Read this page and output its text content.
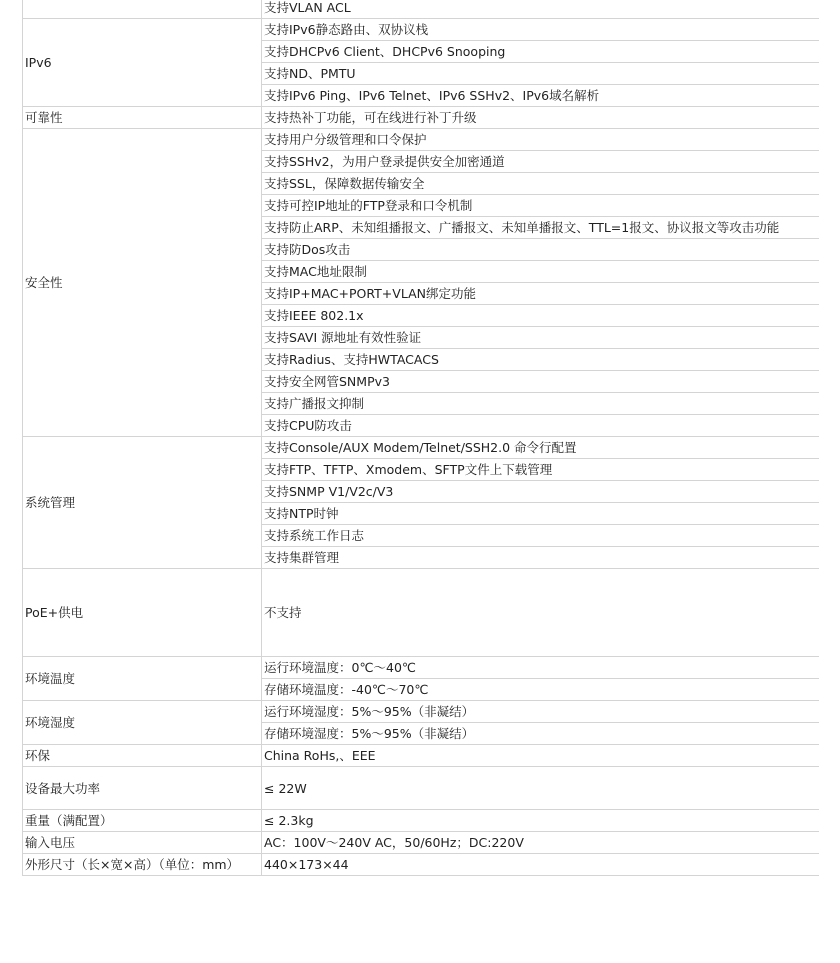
	支持VLAN ACL
IPv6	支持IPv6静态路由、双协议栈
	支持DHCPv6 Client、DHCPv6 Snooping
	支持ND、PMTU
	支持IPv6 Ping、IPv6 Telnet、IPv6 SSHv2、IPv6域名解析
可靠性	支持热补丁功能，可在线进行补丁升级
安全性	支持用户分级管理和口令保护
	支持SSHv2，为用户登录提供安全加密通道
	支持SSL，保障数据传输安全
	支持可控IP地址的FTP登录和口令机制
	支持防止ARP、未知组播报文、广播报文、未知单播报文、TTL=1报文、协议报文等攻击功能
	支持防Dos攻击
	支持MAC地址限制
	支持IP+MAC+PORT+VLAN绑定功能
	支持IEEE 802.1x
	支持SAVI 源地址有效性验证
	支持Radius、支持HWTACACS
	支持安全网管SNMPv3
	支持广播报文抑制
	支持CPU防攻击
系统管理	支持Console/AUX Modem/Telnet/SSH2.0 命令行配置
	支持FTP、TFTP、Xmodem、SFTP文件上下载管理
	支持SNMP V1/V2c/V3
	支持NTP时钟
	支持系统工作日志
	支持集群管理
PoE+供电	不支持
环境温度	运行环境温度：0℃～40℃
	存储环境温度：-40℃～70℃
环境湿度	运行环境湿度：5%～95%（非凝结）
	存储环境湿度：5%～95%（非凝结）
环保	China RoHs,、EEE
设备最大功率	≤ 22W
重量（满配置）	≤ 2.3kg
输入电压	AC：100V～240V AC，50/60Hz；DC:220V
外形尺寸（长×宽×高）（单位：mm）	440×173×44
